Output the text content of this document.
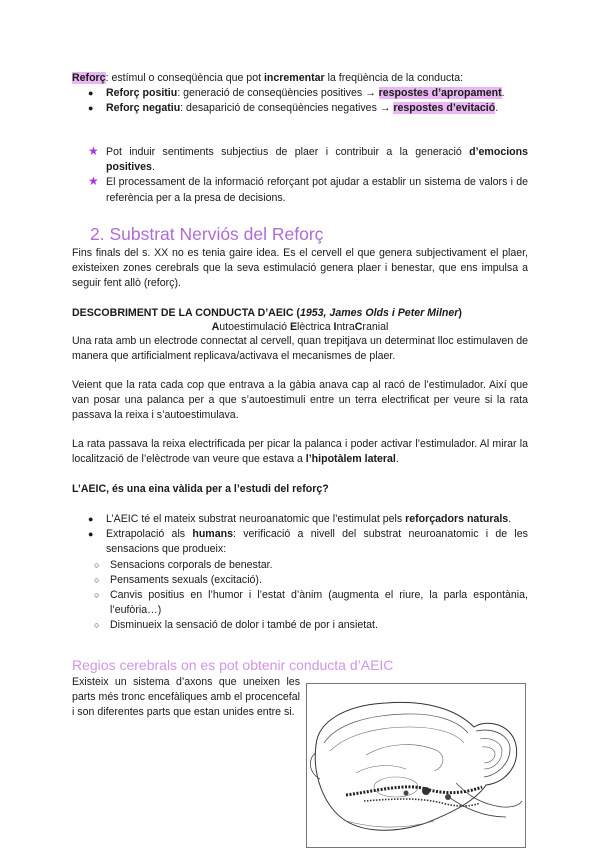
Reforç: estímul o conseqüència que pot incrementar la freqüència de la conducta:

● Reforç positiu: generació de conseqüències positives → respostes d’apropament.
● Reforç negatiu: desaparició de conseqüències negatives → respostes d’evitació.
★ Pot induir sentiments subjectius de plaer i contribuir a la generació d’emocions positives.
★ El processament de la informació reforçant pot ajudar a establir un sistema de valors i de referència per a la presa de decisions.
2. Substrat Nerviós del Reforç

Fins finals del s. XX no es tenia gaire idea. Es el cervell el que genera subjectivament el plaer, existeixen zones cerebrals que la seva estimulació genera plaer i benestar, que ens impulsa a seguir fent allò (reforç).

DESCOBRIMENT DE LA CONDUCTA D’AEIC (1953, James Olds i Peter Milner)

Autoestimulació Elèctrica IntraCranial

Una rata amb un electrode connectat al cervell, quan trepitjava un determinat lloc estimulaven de manera que artificialment replicava/activava el mecanismes de plaer.

Veient que la rata cada cop que entrava a la gàbia anava cap al racó de l’estimulador. Així que van posar una palanca per a que s’autoestimuli entre un terra electrificat per veure si la rata passava la reixa i s’autoestimulava.

La rata passava la reixa electrificada per picar la palanca i poder activar l’estimulador. Al mirar la localització de l’elèctrode van veure que estava a l’hipotàlem lateral.

L’AEIC, és una eina vàlida per a l’estudi del reforç?

● L’AEIC té el mateix substrat neuroanatomic que l’estimulat pels reforçadors naturals.
● Extrapolació als humans: verificació a nivell del substrat neuroanatomic i de les sensacions que produeix:
○ Sensacions corporals de benestar.
○ Pensaments sexuals (excitació).
○ Canvis positius en l’humor i l’estat d’ànim (augmenta el riure, la parla espontània, l’eufòria…)
○ Disminueix la sensació de dolor i també de por i ansietat.
Regios cerebrals on es pot obtenir conducta d’AEIC

Existeix un sistema d’axons que uneixen les parts més tronc encefàliques amb el procencefal i son diferentes parts que estan unides entre si.
